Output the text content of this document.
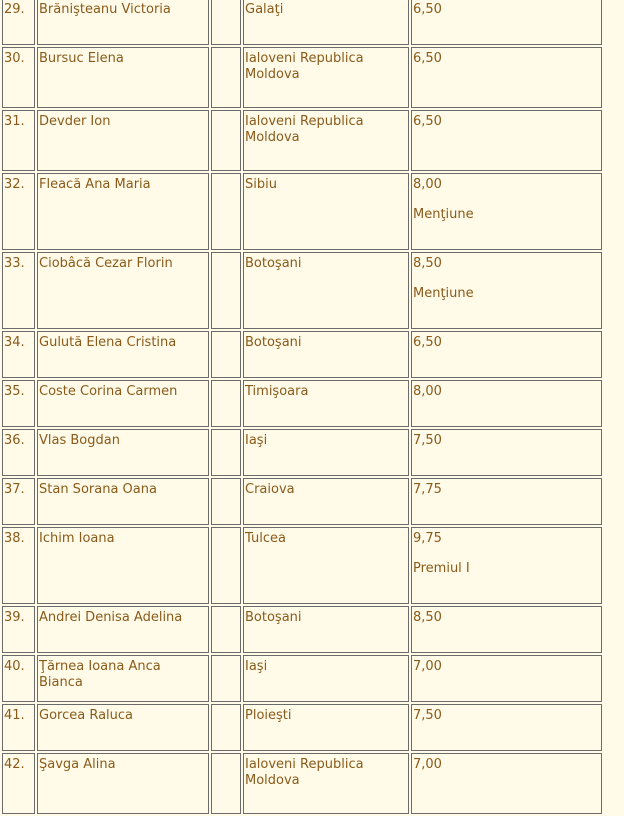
29.	Brănişteanu Victoria		Galaţi	6,50
30.	Bursuc Elena		Ialoveni Republica Moldova	6,50
31.	Devder Ion		Ialoveni Republica Moldova	6,50
32.	Fleacă Ana Maria		Sibiu	8,00
Menţiune

33.	Ciobâcă Cezar Florin		Botoşani	8,50
Menţiune

34.	Gulută Elena Cristina		Botoşani	6,50
35.	Coste Corina Carmen		Timişoara	8,00
36.	Vlas Bogdan		Iaşi	7,50
37.	Stan Sorana Oana		Craiova	7,75
38.	Ichim Ioana		Tulcea	9,75
Premiul I

39.	Andrei Denisa Adelina		Botoşani	8,50
40.	Ţărnea Ioana Anca Bianca		Iaşi	7,00
41.	Gorcea Raluca		Ploieşti	7,50
42.	Şavga Alina		Ialoveni Republica Moldova	7,00
